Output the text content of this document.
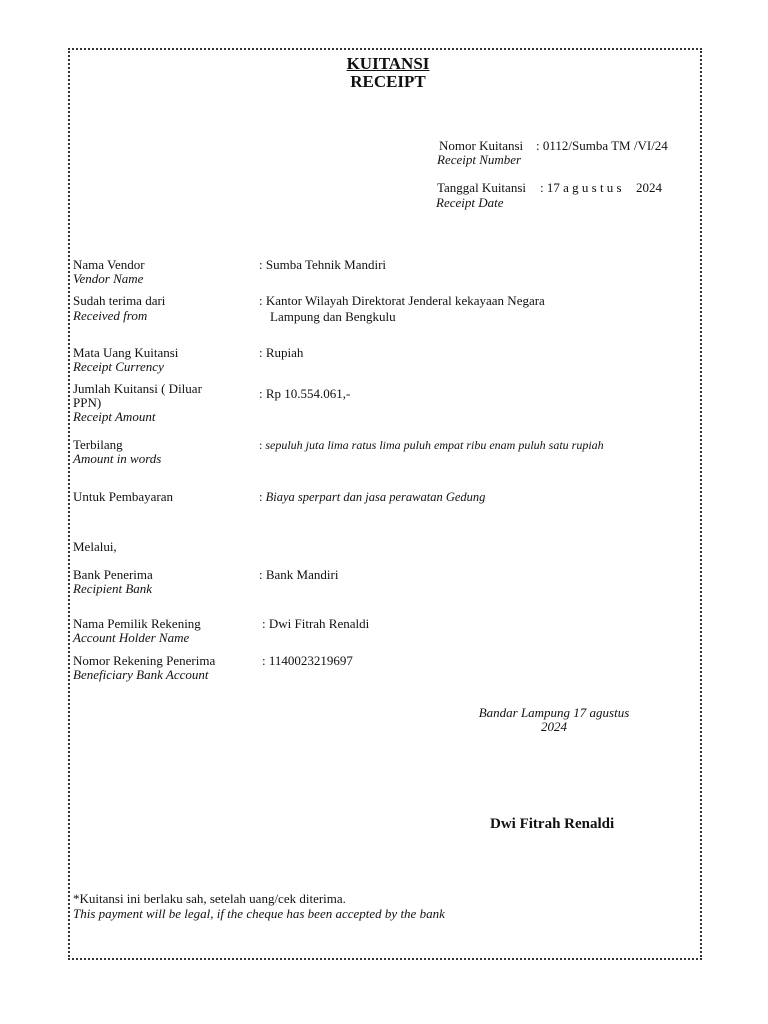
KUITANSI
RECEIPT
Nomor Kuitansi
Receipt Number
: 0112/Sumba TM /VI/24
Tanggal Kuitansi
Receipt Date
: 17 a g u s t u s 2024
Nama Vendor
Vendor Name
: Sumba Tehnik Mandiri
Sudah terima dari
Received from
: Kantor Wilayah Direktorat Jenderal kekayaan Negara
Lampung dan Bengkulu
Mata Uang Kuitansi
Receipt Currency
: Rupiah
Jumlah Kuitansi ( Diluar
PPN)
Receipt Amount
: Rp 10.554.061,-
Terbilang
Amount in words
: sepuluh juta lima ratus lima puluh empat ribu enam puluh satu rupiah
Untuk Pembayaran	: Biaya sperpart dan jasa perawatan Gedung
Melalui,
Bank Penerima
Recipient Bank
: Bank Mandiri
Nama Pemilik Rekening
Account Holder Name
: Dwi Fitrah Renaldi
Nomor Rekening Penerima
Beneficiary Bank Account
: 1140023219697
Bandar Lampung 17 agustus
2024
Dwi Fitrah Renaldi
*Kuitansi ini berlaku sah, setelah uang/cek diterima.
This payment will be legal, if the cheque has been accepted by the bank
